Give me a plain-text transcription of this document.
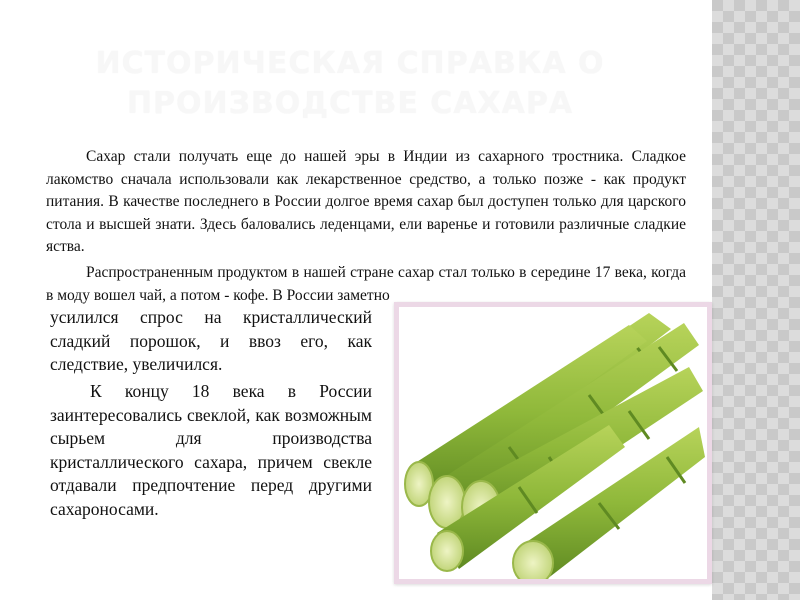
ИСТОРИЧЕСКАЯ СПРАВКА О ПРОИЗВОДСТВЕ САХАРА
Сахар стали получать еще до нашей эры в Индии из сахарного тростника. Сладкое лакомство сначала использовали как лекарственное средство, а только позже - как продукт питания. В качестве последнего в России долгое время сахар был доступен только для царского стола и высшей знати. Здесь баловались леденцами, ели варенье и готовили различные сладкие яства.
Распространенным продуктом в нашей стране сахар стал только в середине 17 века, когда в моду вошел чай, а потом - кофе. В России заметно
усилился спрос на кристаллический сладкий порошок, и ввоз его, как следствие, увеличился.
К концу 18 века в России заинтересовались свеклой, как возможным сырьем для производства кристаллического сахара, причем свекле отдавали предпочтение перед другими сахароносами.
